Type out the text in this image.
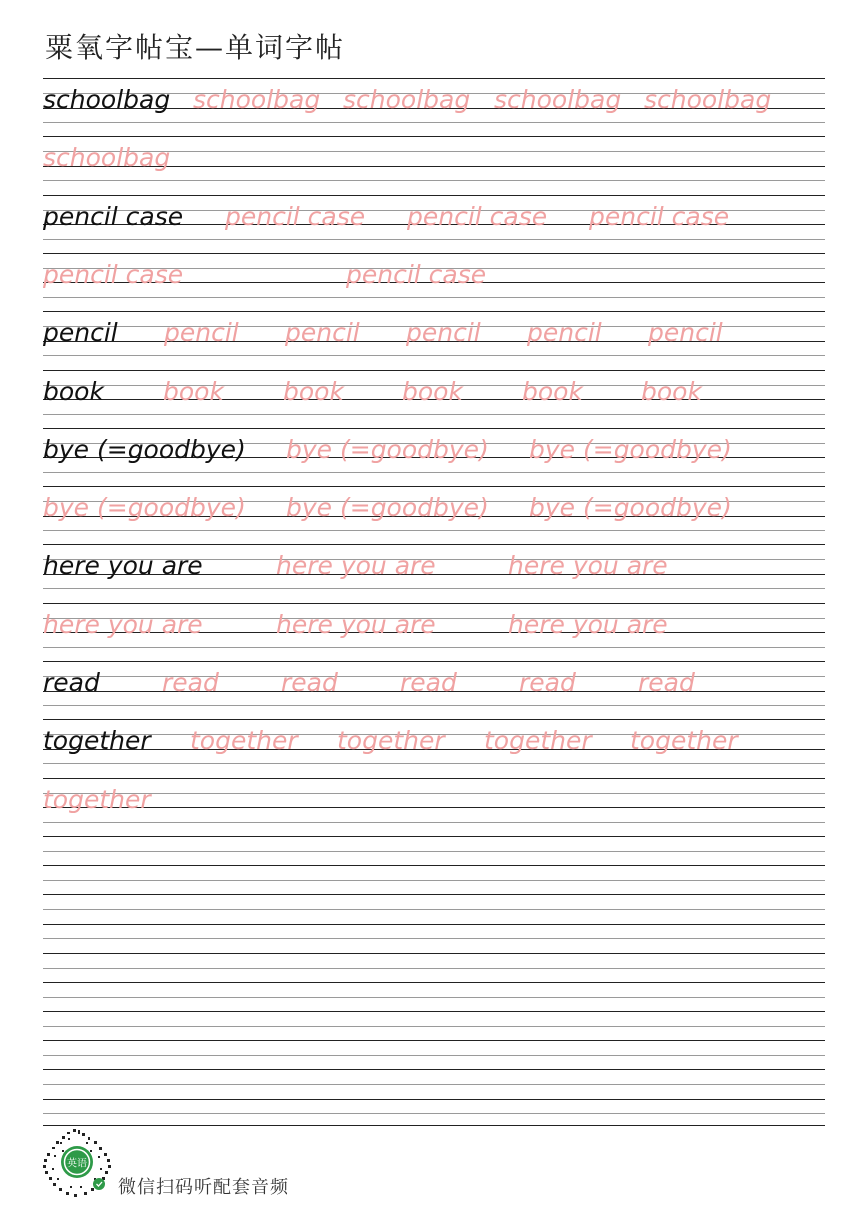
粟氧字帖宝—单词字帖
schoolbag schoolbag schoolbag schoolbag schoolbag
schoolbag
pencil case pencil case pencil case pencil case
pencil case	pencil case
pencil pencil pencil pencil pencil pencil
book book book book book book
bye (=goodbye) bye (=goodbye) bye (=goodbye)
bye (=goodbye) bye (=goodbye) bye (=goodbye)
here you are	here you are	here you are
here you are	here you are	here you are
read read read read read read
together together together together together
together
英语
微信扫码听配套音频
